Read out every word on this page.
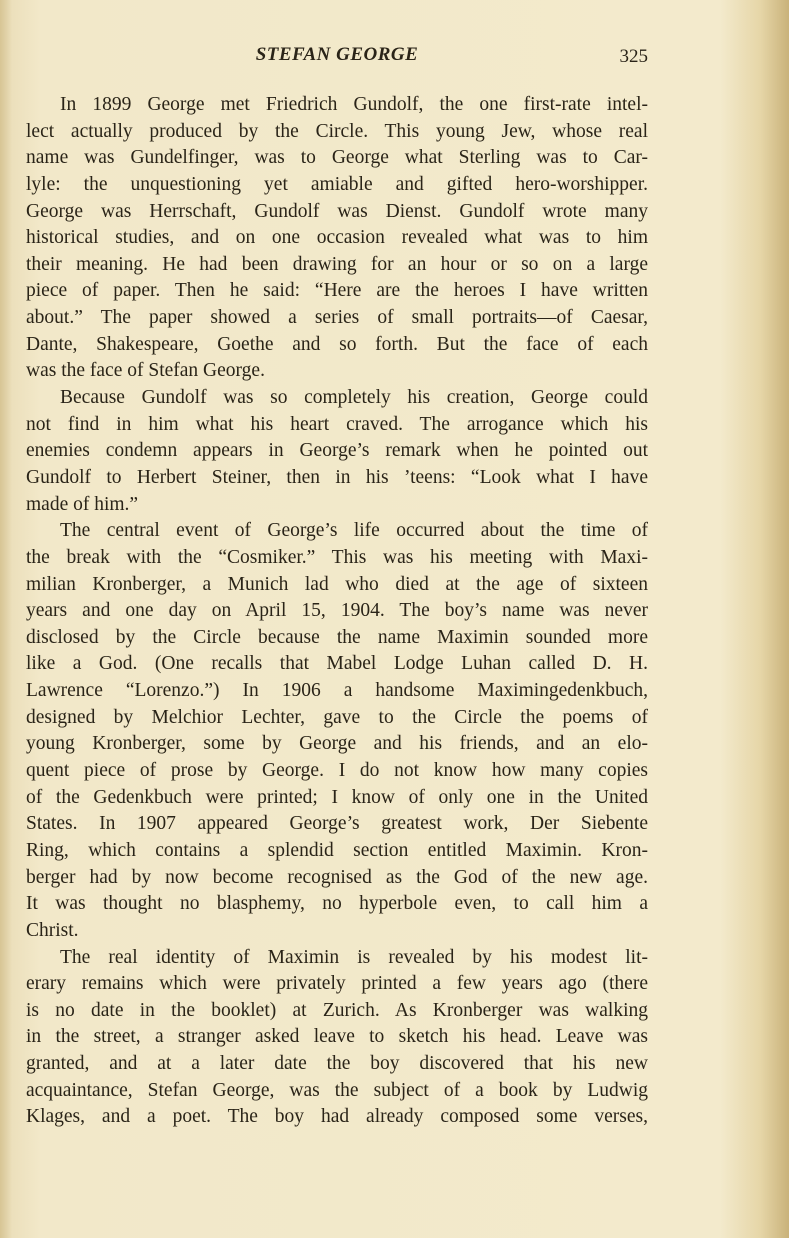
STEFAN GEORGE	325
In 1899 George met Friedrich Gundolf, the one first-rate intel-
lect actually produced by the Circle. This young Jew, whose real
name was Gundelfinger, was to George what Sterling was to Car-
lyle: the unquestioning yet amiable and gifted hero-worshipper.
George was Herrschaft, Gundolf was Dienst. Gundolf wrote many
historical studies, and on one occasion revealed what was to him
their meaning. He had been drawing for an hour or so on a large
piece of paper. Then he said: “Here are the heroes I have written
about.” The paper showed a series of small portraits—of Caesar,
Dante, Shakespeare, Goethe and so forth. But the face of each
was the face of Stefan George.
Because Gundolf was so completely his creation, George could
not find in him what his heart craved. The arrogance which his
enemies condemn appears in George’s remark when he pointed out
Gundolf to Herbert Steiner, then in his ’teens: “Look what I have
made of him.”
The central event of George’s life occurred about the time of
the break with the “Cosmiker.” This was his meeting with Maxi-
milian Kronberger, a Munich lad who died at the age of sixteen
years and one day on April 15, 1904. The boy’s name was never
disclosed by the Circle because the name Maximin sounded more
like a God. (One recalls that Mabel Lodge Luhan called D. H.
Lawrence “Lorenzo.”) In 1906 a handsome Maximingedenkbuch,
designed by Melchior Lechter, gave to the Circle the poems of
young Kronberger, some by George and his friends, and an elo-
quent piece of prose by George. I do not know how many copies
of the Gedenkbuch were printed; I know of only one in the United
States. In 1907 appeared George’s greatest work, Der Siebente
Ring, which contains a splendid section entitled Maximin. Kron-
berger had by now become recognised as the God of the new age.
It was thought no blasphemy, no hyperbole even, to call him a
Christ.
The real identity of Maximin is revealed by his modest lit-
erary remains which were privately printed a few years ago (there
is no date in the booklet) at Zurich. As Kronberger was walking
in the street, a stranger asked leave to sketch his head. Leave was
granted, and at a later date the boy discovered that his new
acquaintance, Stefan George, was the subject of a book by Ludwig
Klages, and a poet. The boy had already composed some verses,
